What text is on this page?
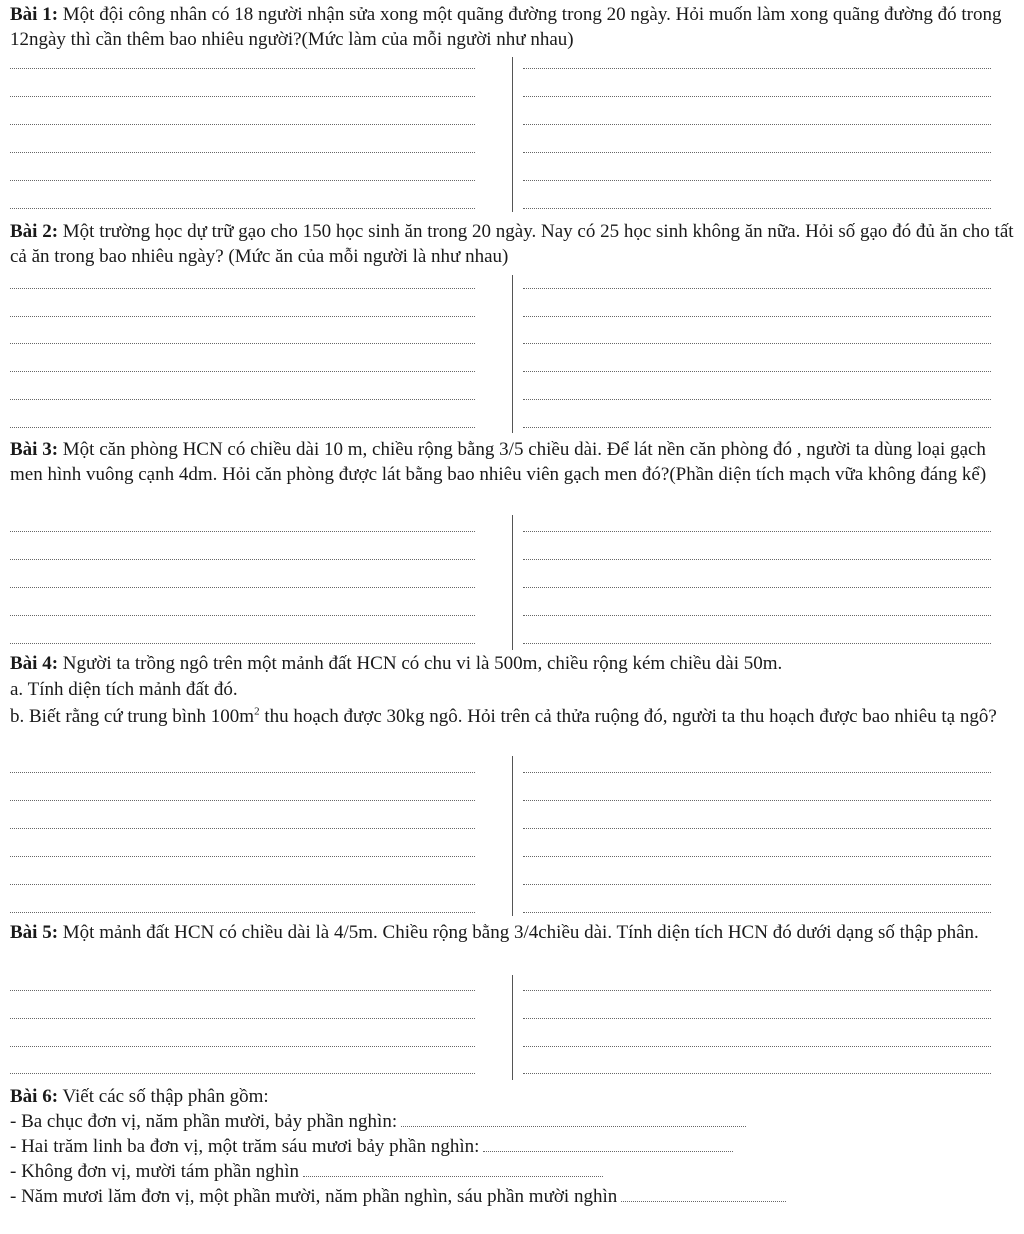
Bài 1: Một đội công nhân có 18 người nhận sửa xong một quãng đường trong 20 ngày. Hỏi muốn làm xong quãng đường đó trong 12ngày thì cần thêm bao nhiêu người?(Mức làm của mỗi người như nhau)

Bài 2: Một trường học dự trữ gạo cho 150 học sinh ăn trong 20 ngày. Nay có 25 học sinh không ăn nữa. Hỏi số gạo đó đủ ăn cho tất cả ăn trong bao nhiêu ngày? (Mức ăn của mỗi người là như nhau)

Bài 3: Một căn phòng HCN có chiều dài 10 m, chiều rộng bằng 3/5 chiều dài. Để lát nền căn phòng đó , người ta dùng loại gạch men hình vuông cạnh 4dm. Hỏi căn phòng được lát bằng bao nhiêu viên gạch men đó?(Phần diện tích mạch vữa không đáng kể)

Bài 4: Người ta trồng ngô trên một mảnh đất HCN có chu vi là 500m, chiều rộng kém chiều dài 50m.

a. Tính diện tích mảnh đất đó.

b. Biết rằng cứ trung bình $100m^2$ thu hoạch được 30kg ngô. Hỏi trên cả thửa ruộng đó, người ta thu hoạch được bao nhiêu tạ ngô?

Bài 5: Một mảnh đất HCN có chiều dài là 4/5m. Chiều rộng bằng 3/4chiều dài. Tính diện tích HCN đó dưới dạng số thập phân.

Bài 6: Viết các số thập phân gồm:

- Ba chục đơn vị, năm phần mười, bảy phần nghìn:

- Hai trăm linh ba đơn vị, một trăm sáu mươi bảy phần nghìn:

- Không đơn vị, mười tám phần nghìn

- Năm mươi lăm đơn vị, một phần mười, năm phần nghìn, sáu phần mười nghìn
